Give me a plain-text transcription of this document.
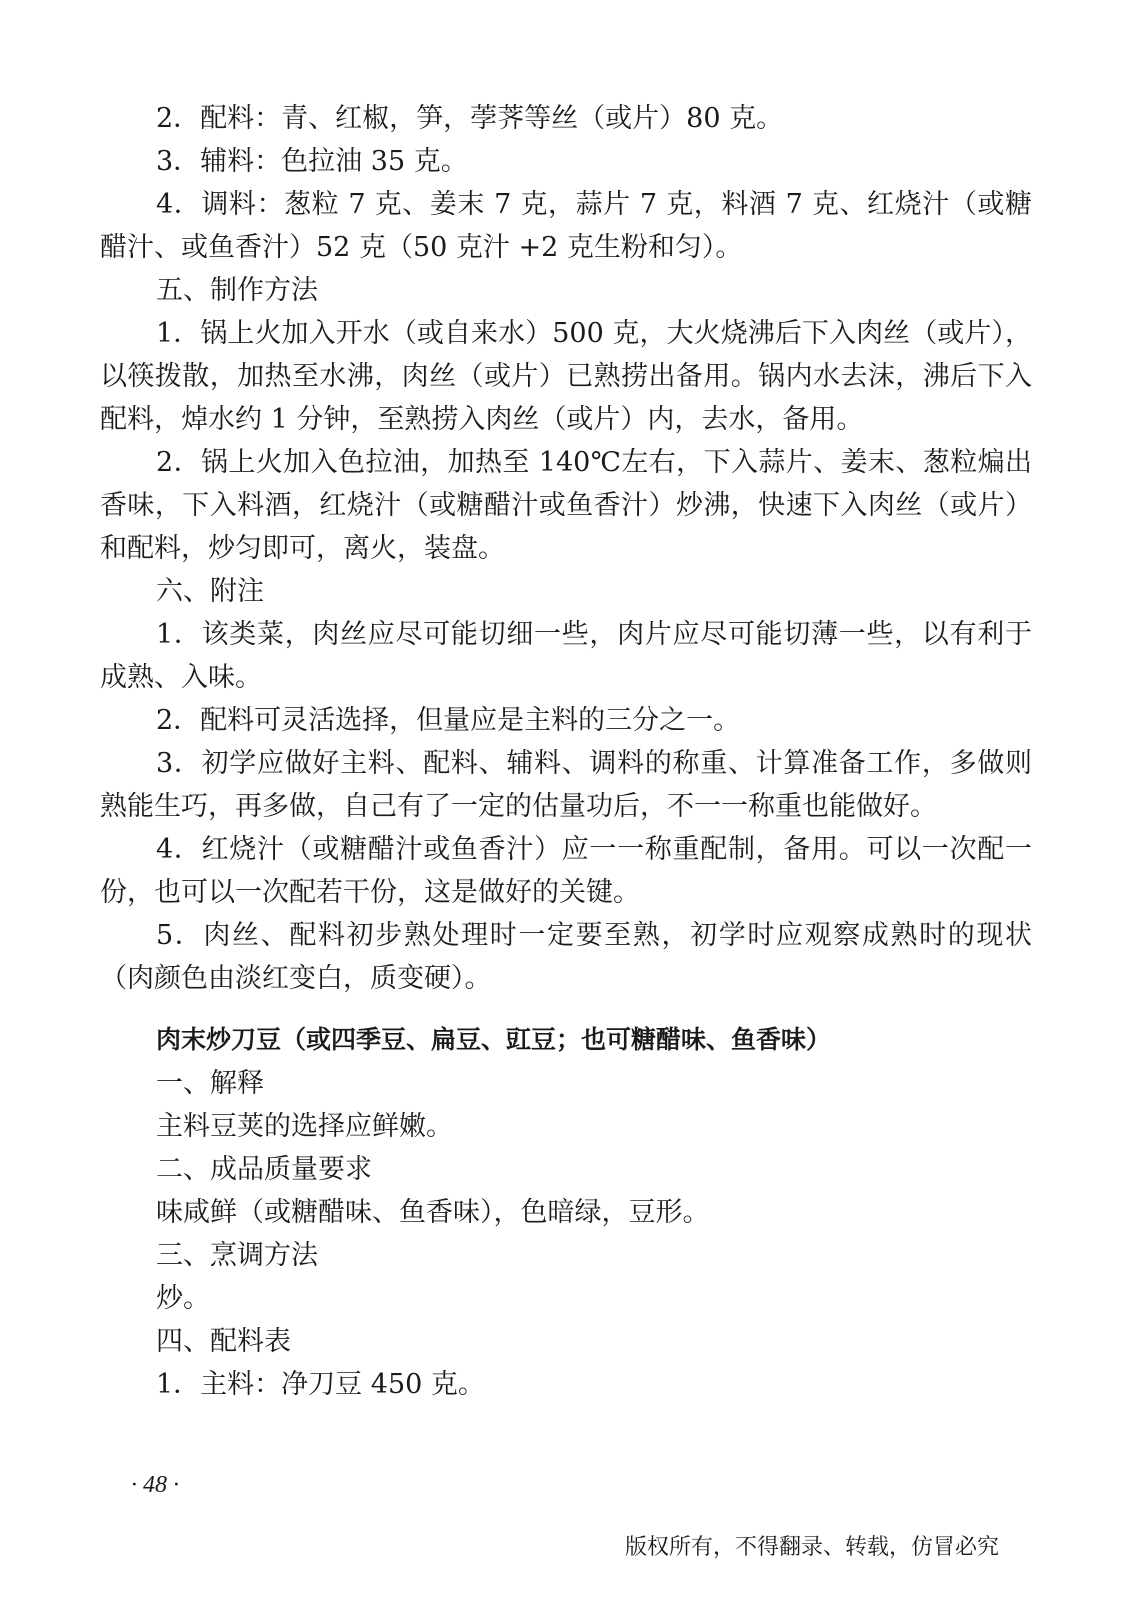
2．配料：青、红椒，笋，荸荠等丝（或片）80 克。

3．辅料：色拉油 35 克。

4．调料：葱粒 7 克、姜末 7 克，蒜片 7 克，料酒 7 克、红烧汁（或糖醋汁、或鱼香汁）52 克（50 克汁 +2 克生粉和匀）。

五、制作方法

1．锅上火加入开水（或自来水）500 克，大火烧沸后下入肉丝（或片），以筷拨散，加热至水沸，肉丝（或片）已熟捞出备用。锅内水去沫，沸后下入配料，焯水约 1 分钟，至熟捞入肉丝（或片）内，去水，备用。

2．锅上火加入色拉油，加热至 140℃左右，下入蒜片、姜末、葱粒煸出香味，下入料酒，红烧汁（或糖醋汁或鱼香汁）炒沸，快速下入肉丝（或片）和配料，炒匀即可，离火，装盘。

六、附注

1．该类菜，肉丝应尽可能切细一些，肉片应尽可能切薄一些，以有利于成熟、入味。

2．配料可灵活选择，但量应是主料的三分之一。

3．初学应做好主料、配料、辅料、调料的称重、计算准备工作，多做则熟能生巧，再多做，自己有了一定的估量功后，不一一称重也能做好。

4．红烧汁（或糖醋汁或鱼香汁）应一一称重配制，备用。可以一次配一份，也可以一次配若干份，这是做好的关键。

5．肉丝、配料初步熟处理时一定要至熟，初学时应观察成熟时的现状（肉颜色由淡红变白，质变硬）。

肉末炒刀豆（或四季豆、扁豆、豇豆；也可糖醋味、鱼香味）

一、解释

主料豆荚的选择应鲜嫩。

二、成品质量要求

味咸鲜（或糖醋味、鱼香味），色暗绿，豆形。

三、烹调方法

炒。

四、配料表

1．主料：净刀豆 450 克。

· 48 ·
版权所有，不得翻录、转载，仿冒必究
